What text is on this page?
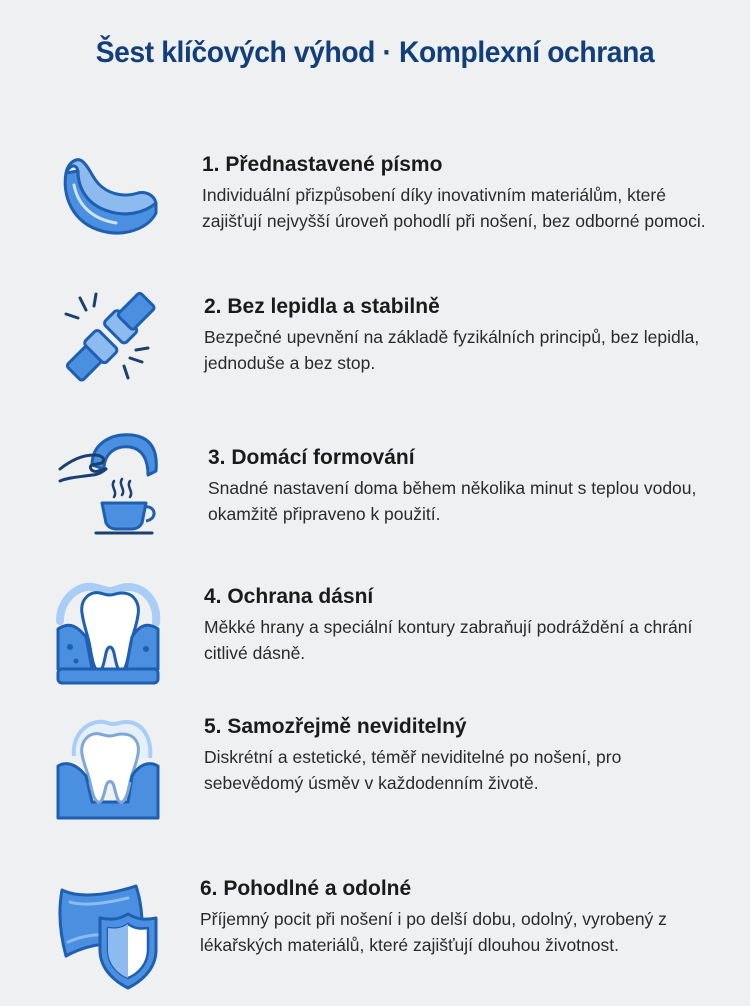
Šest klíčových výhod · Komplexní ochrana
1. Přednastavené písmo
Individuální přizpůsobení díky inovativním materiálům, které zajišťují nejvyšší úroveň pohodlí při nošení, bez odborné pomoci.
2. Bez lepidla a stabilně
Bezpečné upevnění na základě fyzikálních principů, bez lepidla, jednoduše a bez stop.
3. Domácí formování
Snadné nastavení doma během několika minut s teplou vodou, okamžitě připraveno k použití.
4. Ochrana dásní
Měkké hrany a speciální kontury zabraňují podráždění a chrání citlivé dásně.
5. Samozřejmě neviditelný
Diskrétní a estetické, téměř neviditelné po nošení, pro sebevědomý úsměv v každodenním životě.
6. Pohodlné a odolné
Příjemný pocit při nošení i po delší dobu, odolný, vyrobený z lékařských materiálů, které zajišťují dlouhou životnost.
